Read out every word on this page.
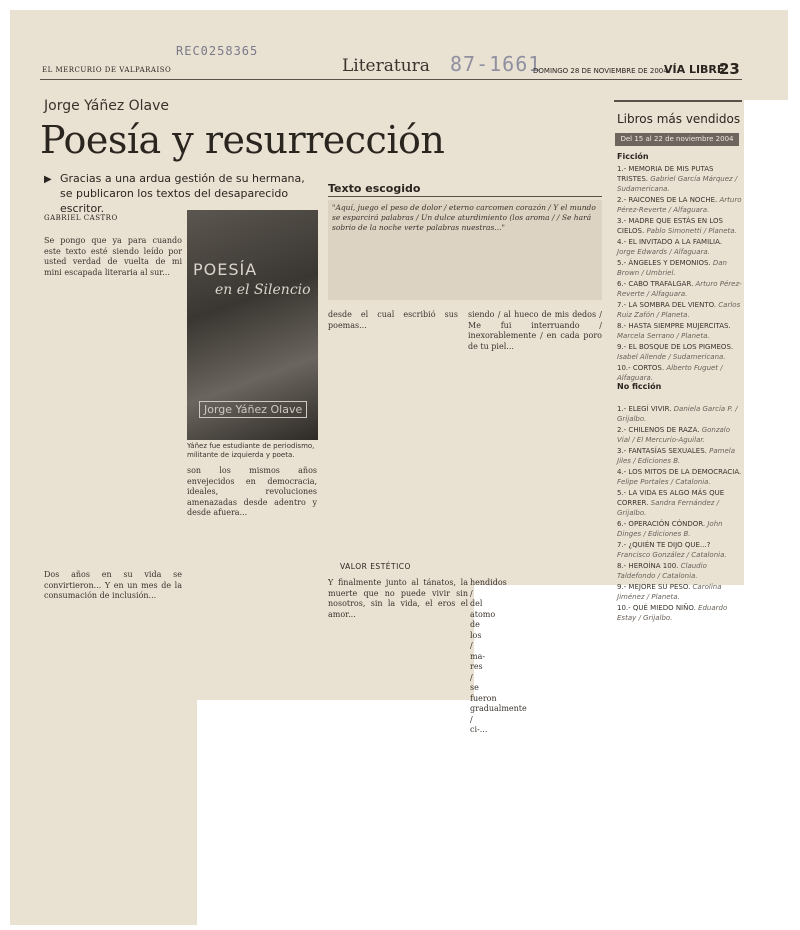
REC0258365
87-1661
EL MERCURIO DE VALPARAISO	Literatura	DOMINGO 28 DE NOVIEMBRE DE 2004
VÍA LIBRE
23
Jorge Yáñez Olave
Poesía y resurrección
Gracias a una ardua gestión de su hermana, se publicaron los textos del desaparecido escritor.
▶
GABRIEL CASTRO
Se pongo que ya para cuando este texto esté siendo leído por usted verdad de vuelta de mi mini escapada literaria al sur...
Dos años en su vida se convirtieron... Y en un mes de la consumación de inclusión...
POESÍA
en el Silencio
Jorge Yáñez Olave
Yáñez fue estudiante de periodismo, militante de izquierda y poeta.
son los mismos años envejecidos en democracia, ideales, revoluciones amenazadas desde adentro y desde afuera...
Texto escogido
"Aquí, juego el peso de dolor / eterno carcomen corazón / Y el mundo se esparcirá palabras / Un dulce aturdimiento (los aroma / / Se hará sobrio de la noche verte palabras nuestras..."
desde el cual escribió sus poemas...
VALOR ESTÉTICO
Y finalmente junto al tánatos, la muerte que no puede vivir sin nosotros, sin la vida, el eros el amor...
siendo / al hueco de mis dedos / Me fui interruando / inexorablemente / en cada poro de tu piel...
Libros más vendidos
Del 15 al 22 de noviembre 2004
Ficción
1.- MEMORIA DE MIS PUTAS TRISTES. Gabriel García Márquez / Sudamericana.
2.- RAICONES DE LA NOCHE. Arturo Pérez-Reverte / Alfaguara.
3.- MADRE QUE ESTÁS EN LOS CIELOS. Pablo Simonetti / Planeta.
4.- EL INVITADO A LA FAMILIA. Jorge Edwards / Alfaguara.
5.- ÁNGELES Y DEMONIOS. Dan Brown / Umbriel.
6.- CABO TRAFALGAR. Arturo Pérez-Reverte / Alfaguara.
7.- LA SOMBRA DEL VIENTO. Carlos Ruiz Zafón / Planeta.
8.- HASTA SIEMPRE MUJERCITAS. Marcela Serrano / Planeta.
9.- EL BOSQUE DE LOS PIGMEOS. Isabel Allende / Sudamericana.
10.- CORTOS. Alberto Fuguet / Alfaguara.
No ficción
1.- ELEGÍ VIVIR. Daniela García P. / Grijalbo.
2.- CHILENOS DE RAZA. Gonzalo Vial / El Mercurio-Aguilar.
3.- FANTASÍAS SEXUALES. Pamela Jiles / Ediciones B.
4.- LOS MITOS DE LA DEMOCRACIA. Felipe Portales / Catalonia.
5.- LA VIDA ES ALGO MÁS QUE CORRER. Sandra Fernández / Grijalbo.
6.- OPERACIÓN CÓNDOR. John Dinges / Ediciones B.
7.- ¿QUIÉN TE DIJO QUE...? Francisco González / Catalonia.
8.- HEROÍNA 100. Claudio Taldefondo / Catalonia.
9.- MEJORE SU PESO. Carolina Jiménez / Planeta.
10.- QUÉ MIEDO NIÑO. Eduardo Estay / Grijalbo.
